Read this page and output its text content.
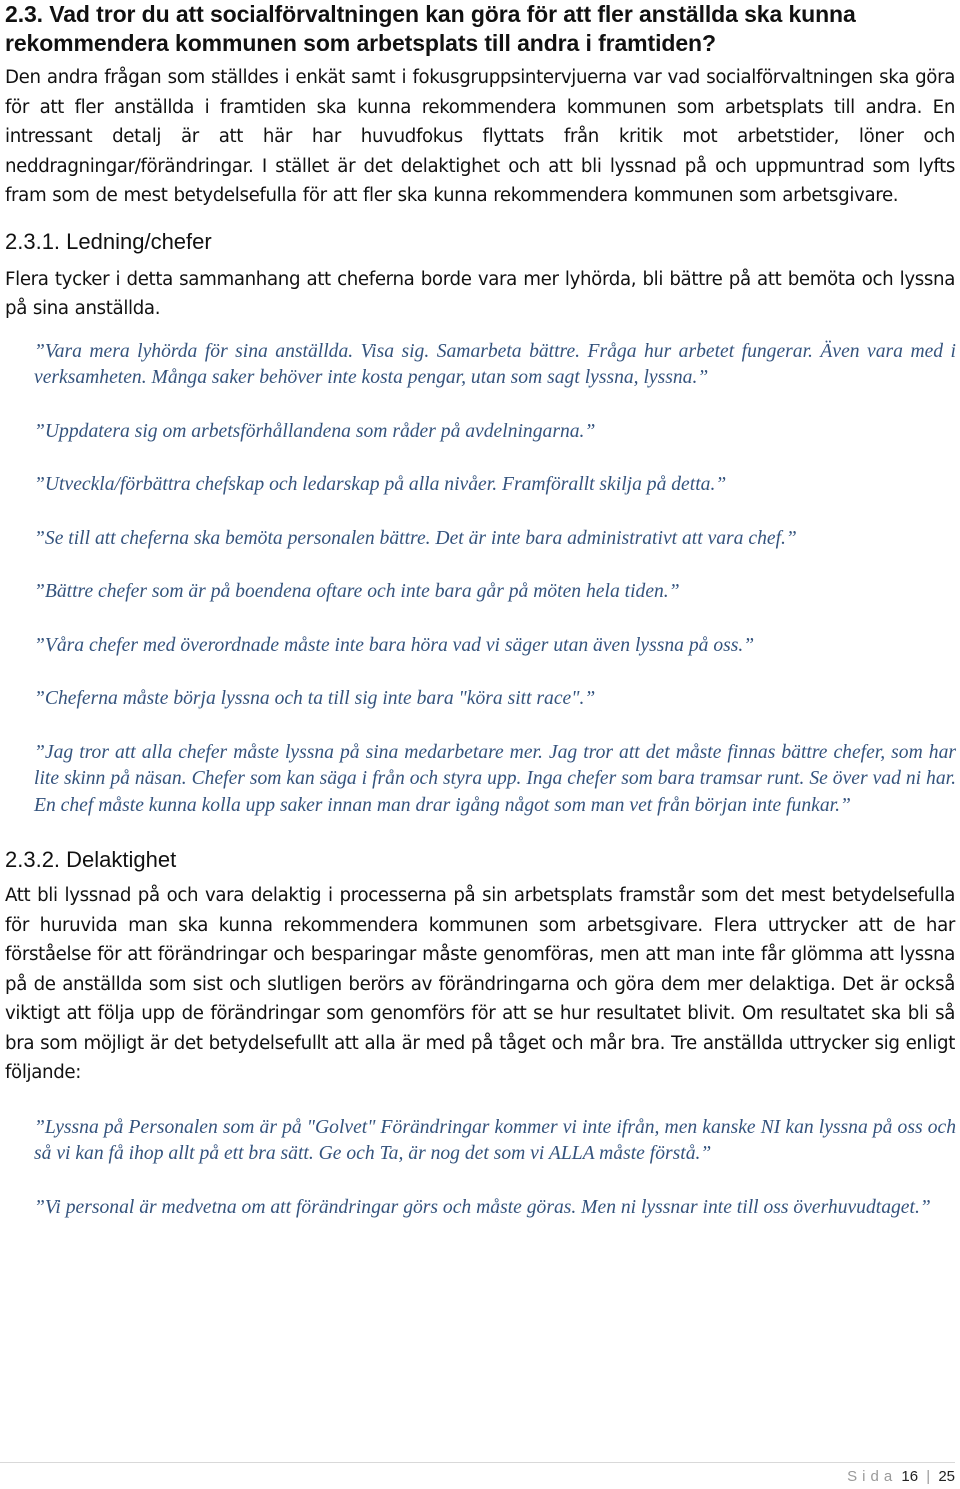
2.3. Vad tror du att socialförvaltningen kan göra för att fler anställda ska kunna rekommendera kommunen som arbetsplats till andra i framtiden?

Den andra frågan som ställdes i enkät samt i fokusgruppsintervjuerna var vad socialförvaltningen ska göra för att fler anställda i framtiden ska kunna rekommendera kommunen som arbetsplats till andra. En intressant detalj är att här har huvudfokus flyttats från kritik mot arbetstider, löner och neddragningar/förändringar. I stället är det delaktighet och att bli lyssnad på och uppmuntrad som lyfts fram som de mest betydelsefulla för att fler ska kunna rekommendera kommunen som arbetsgivare.

2.3.1. Ledning/chefer

Flera tycker i detta sammanhang att cheferna borde vara mer lyhörda, bli bättre på att bemöta och lyssna på sina anställda.

”Vara mera lyhörda för sina anställda. Visa sig. Samarbeta bättre. Fråga hur arbetet fungerar. Även vara med i verksamheten. Många saker behöver inte kosta pengar, utan som sagt lyssna, lyssna.”

”Uppdatera sig om arbetsförhållandena som råder på avdelningarna.”

”Utveckla/förbättra chefskap och ledarskap på alla nivåer. Framförallt skilja på detta.”

”Se till att cheferna ska bemöta personalen bättre. Det är inte bara administrativt att vara chef.”

”Bättre chefer som är på boendena oftare och inte bara går på möten hela tiden.”

”Våra chefer med överordnade måste inte bara höra vad vi säger utan även lyssna på oss.”

”Cheferna måste börja lyssna och ta till sig inte bara "köra sitt race".”

”Jag tror att alla chefer måste lyssna på sina medarbetare mer. Jag tror att det måste finnas bättre chefer, som har lite skinn på näsan. Chefer som kan säga i från och styra upp. Inga chefer som bara tramsar runt. Se över vad ni har. En chef måste kunna kolla upp saker innan man drar igång något som man vet från början inte funkar.”

2.3.2. Delaktighet

Att bli lyssnad på och vara delaktig i processerna på sin arbetsplats framstår som det mest betydelsefulla för huruvida man ska kunna rekommendera kommunen som arbetsgivare. Flera uttrycker att de har förståelse för att förändringar och besparingar måste genomföras, men att man inte får glömma att lyssna på de anställda som sist och slutligen berörs av förändringarna och göra dem mer delaktiga. Det är också viktigt att följa upp de förändringar som genomförs för att se hur resultatet blivit. Om resultatet ska bli så bra som möjligt är det betydelsefullt att alla är med på tåget och mår bra. Tre anställda uttrycker sig enligt följande:

”Lyssna på Personalen som är på "Golvet" Förändringar kommer vi inte ifrån, men kanske NI kan lyssna på oss och så vi kan få ihop allt på ett bra sätt. Ge och Ta, är nog det som vi ALLA måste förstå.”

”Vi personal är medvetna om att förändringar görs och måste göras. Men ni lyssnar inte till oss överhuvudtaget.”

Sida 16 | 25
